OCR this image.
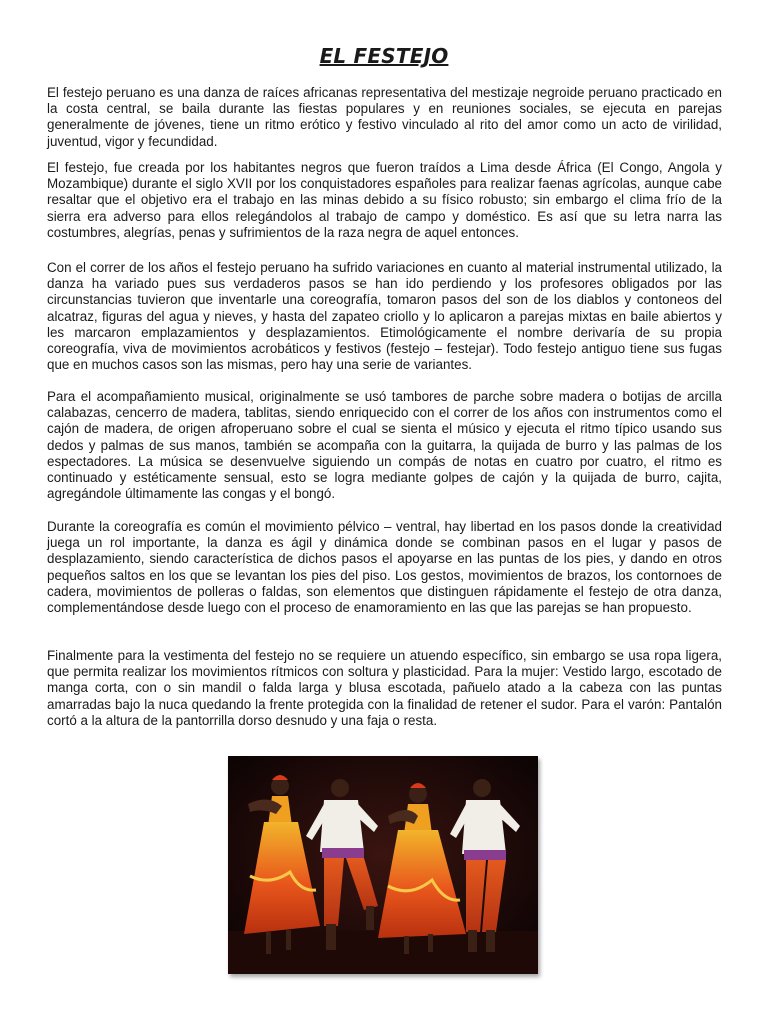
EL FESTEJO

El festejo peruano es una danza de raíces africanas representativa del mestizaje negroide peruano practicado en la costa central, se baila durante las fiestas populares y en reuniones sociales, se ejecuta en parejas generalmente de jóvenes, tiene un ritmo erótico y festivo vinculado al rito del amor como un acto de virilidad, juventud, vigor y fecundidad.

El festejo, fue creada por los habitantes negros que fueron traídos a Lima desde África (El Congo, Angola y Mozambique) durante el siglo XVII por los conquistadores españoles para realizar faenas agrícolas, aunque cabe resaltar que el objetivo era el trabajo en las minas debido a su físico robusto; sin embargo el clima frío de la sierra era adverso para ellos relegándolos al trabajo de campo y doméstico. Es así que su letra narra las costumbres, alegrías, penas y sufrimientos de la raza negra de aquel entonces.

Con el correr de los años el festejo peruano ha sufrido variaciones en cuanto al material instrumental utilizado, la danza ha variado pues sus verdaderos pasos se han ido perdiendo y los profesores obligados por las circunstancias tuvieron que inventarle una coreografía, tomaron pasos del son de los diablos y contoneos del alcatraz, figuras del agua y nieves, y hasta del zapateo criollo y lo aplicaron a parejas mixtas en baile abiertos y les marcaron emplazamientos y desplazamientos. Etimológicamente el nombre derivaría de su propia coreografía, viva de movimientos acrobáticos y festivos (festejo – festejar). Todo festejo antiguo tiene sus fugas que en muchos casos son las mismas, pero hay una serie de variantes.

Para el acompañamiento musical, originalmente se usó tambores de parche sobre madera o botijas de arcilla calabazas, cencerro de madera, tablitas, siendo enriquecido con el correr de los años con instrumentos como el cajón de madera, de origen afroperuano sobre el cual se sienta el músico y ejecuta el ritmo típico usando sus dedos y palmas de sus manos, también se acompaña con la guitarra, la quijada de burro y las palmas de los espectadores. La música se desenvuelve siguiendo un compás de notas en cuatro por cuatro, el ritmo es continuado y estéticamente sensual, esto se logra mediante golpes de cajón y la quijada de burro, cajita, agregándole últimamente las congas y el bongó.

Durante la coreografía es común el movimiento pélvico – ventral, hay libertad en los pasos donde la creatividad juega un rol importante, la danza es ágil y dinámica donde se combinan pasos en el lugar y pasos de desplazamiento, siendo característica de dichos pasos el apoyarse en las puntas de los pies, y dando en otros pequeños saltos en los que se levantan los pies del piso. Los gestos, movimientos de brazos, los contornoes de cadera, movimientos de polleras o faldas, son elementos que distinguen rápidamente el festejo de otra danza, complementándose desde luego con el proceso de enamoramiento en las que las parejas se han propuesto.

Finalmente para la vestimenta del festejo no se requiere un atuendo específico, sin embargo se usa ropa ligera, que permita realizar los movimientos rítmicos con soltura y plasticidad. Para la mujer: Vestido largo, escotado de manga corta, con o sin mandil o falda larga y blusa escotada, pañuelo atado a la cabeza con las puntas amarradas bajo la nuca quedando la frente protegida con la finalidad de retener el sudor. Para el varón: Pantalón cortó a la altura de la pantorrilla dorso desnudo y una faja o resta.
